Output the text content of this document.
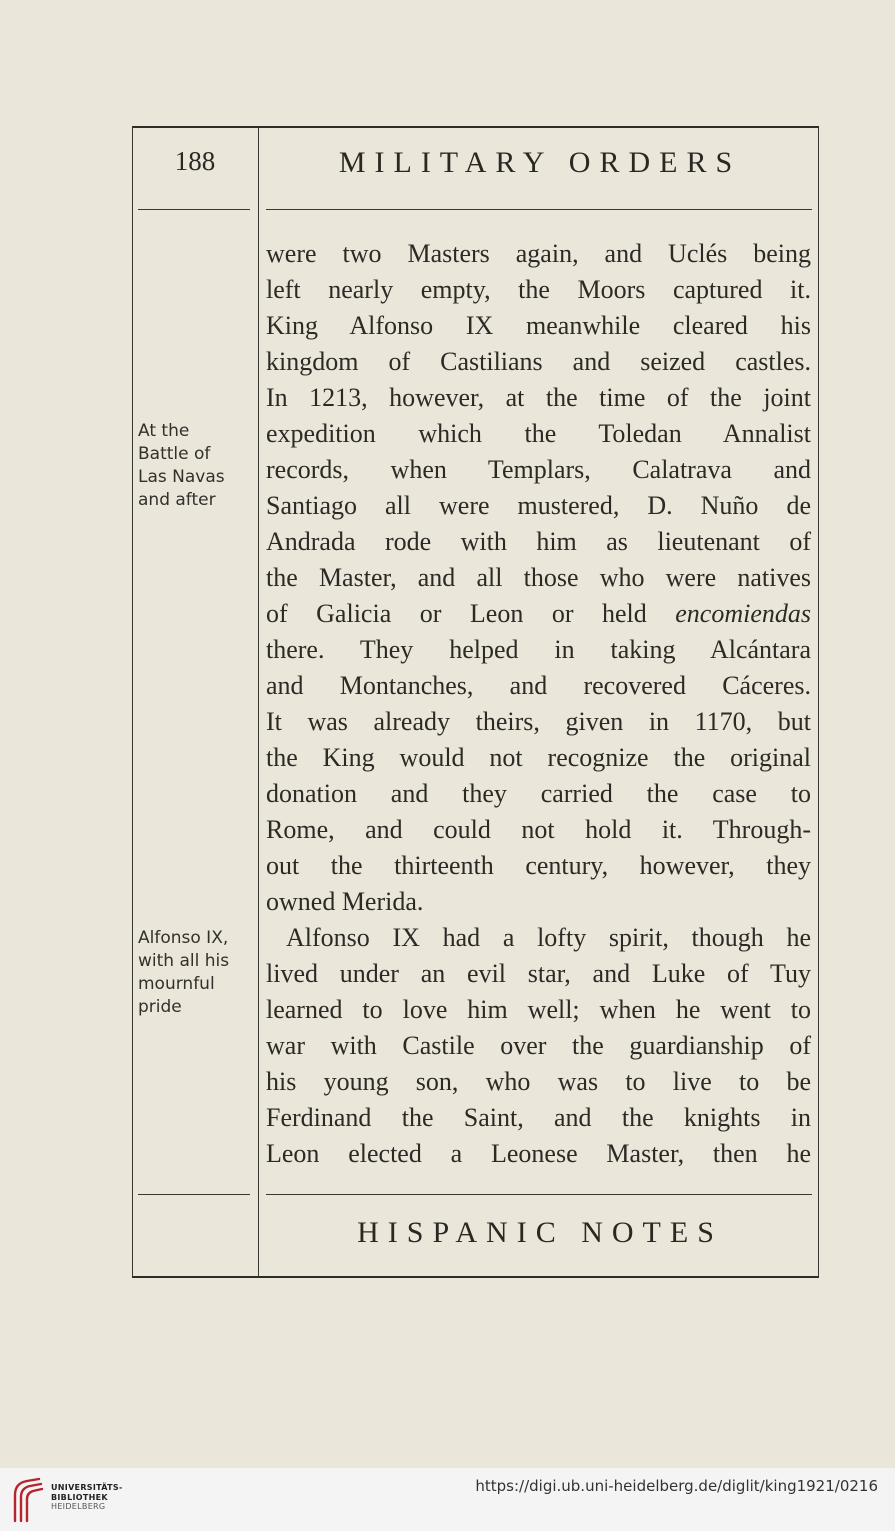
188	MILITARY ORDERS
At the
Battle of
Las Navas
and after
Alfonso IX,
with all his
mournful
pride
were two Masters again, and Uclés being
left nearly empty, the Moors captured it.
King Alfonso IX meanwhile cleared his
kingdom of Castilians and seized castles.
In 1213, however, at the time of the joint
expedition which the Toledan Annalist
records, when Templars, Calatrava and
Santiago all were mustered, D. Nuño de
Andrada rode with him as lieutenant of
the Master, and all those who were natives
of Galicia or Leon or held encomiendas
there. They helped in taking Alcántara
and Montanches, and recovered Cáceres.
It was already theirs, given in 1170, but
the King would not recognize the original
donation and they carried the case to
Rome, and could not hold it. Through-
out the thirteenth century, however, they
owned Merida.
Alfonso IX had a lofty spirit, though he
lived under an evil star, and Luke of Tuy
learned to love him well; when he went to
war with Castile over the guardianship of
his young son, who was to live to be
Ferdinand the Saint, and the knights in
Leon elected a Leonese Master, then he
HISPANIC NOTES
UNIVERSITÄTS-
BIBLIOTHEK
HEIDELBERG
https://digi.ub.uni-heidelberg.de/diglit/king1921/0216
